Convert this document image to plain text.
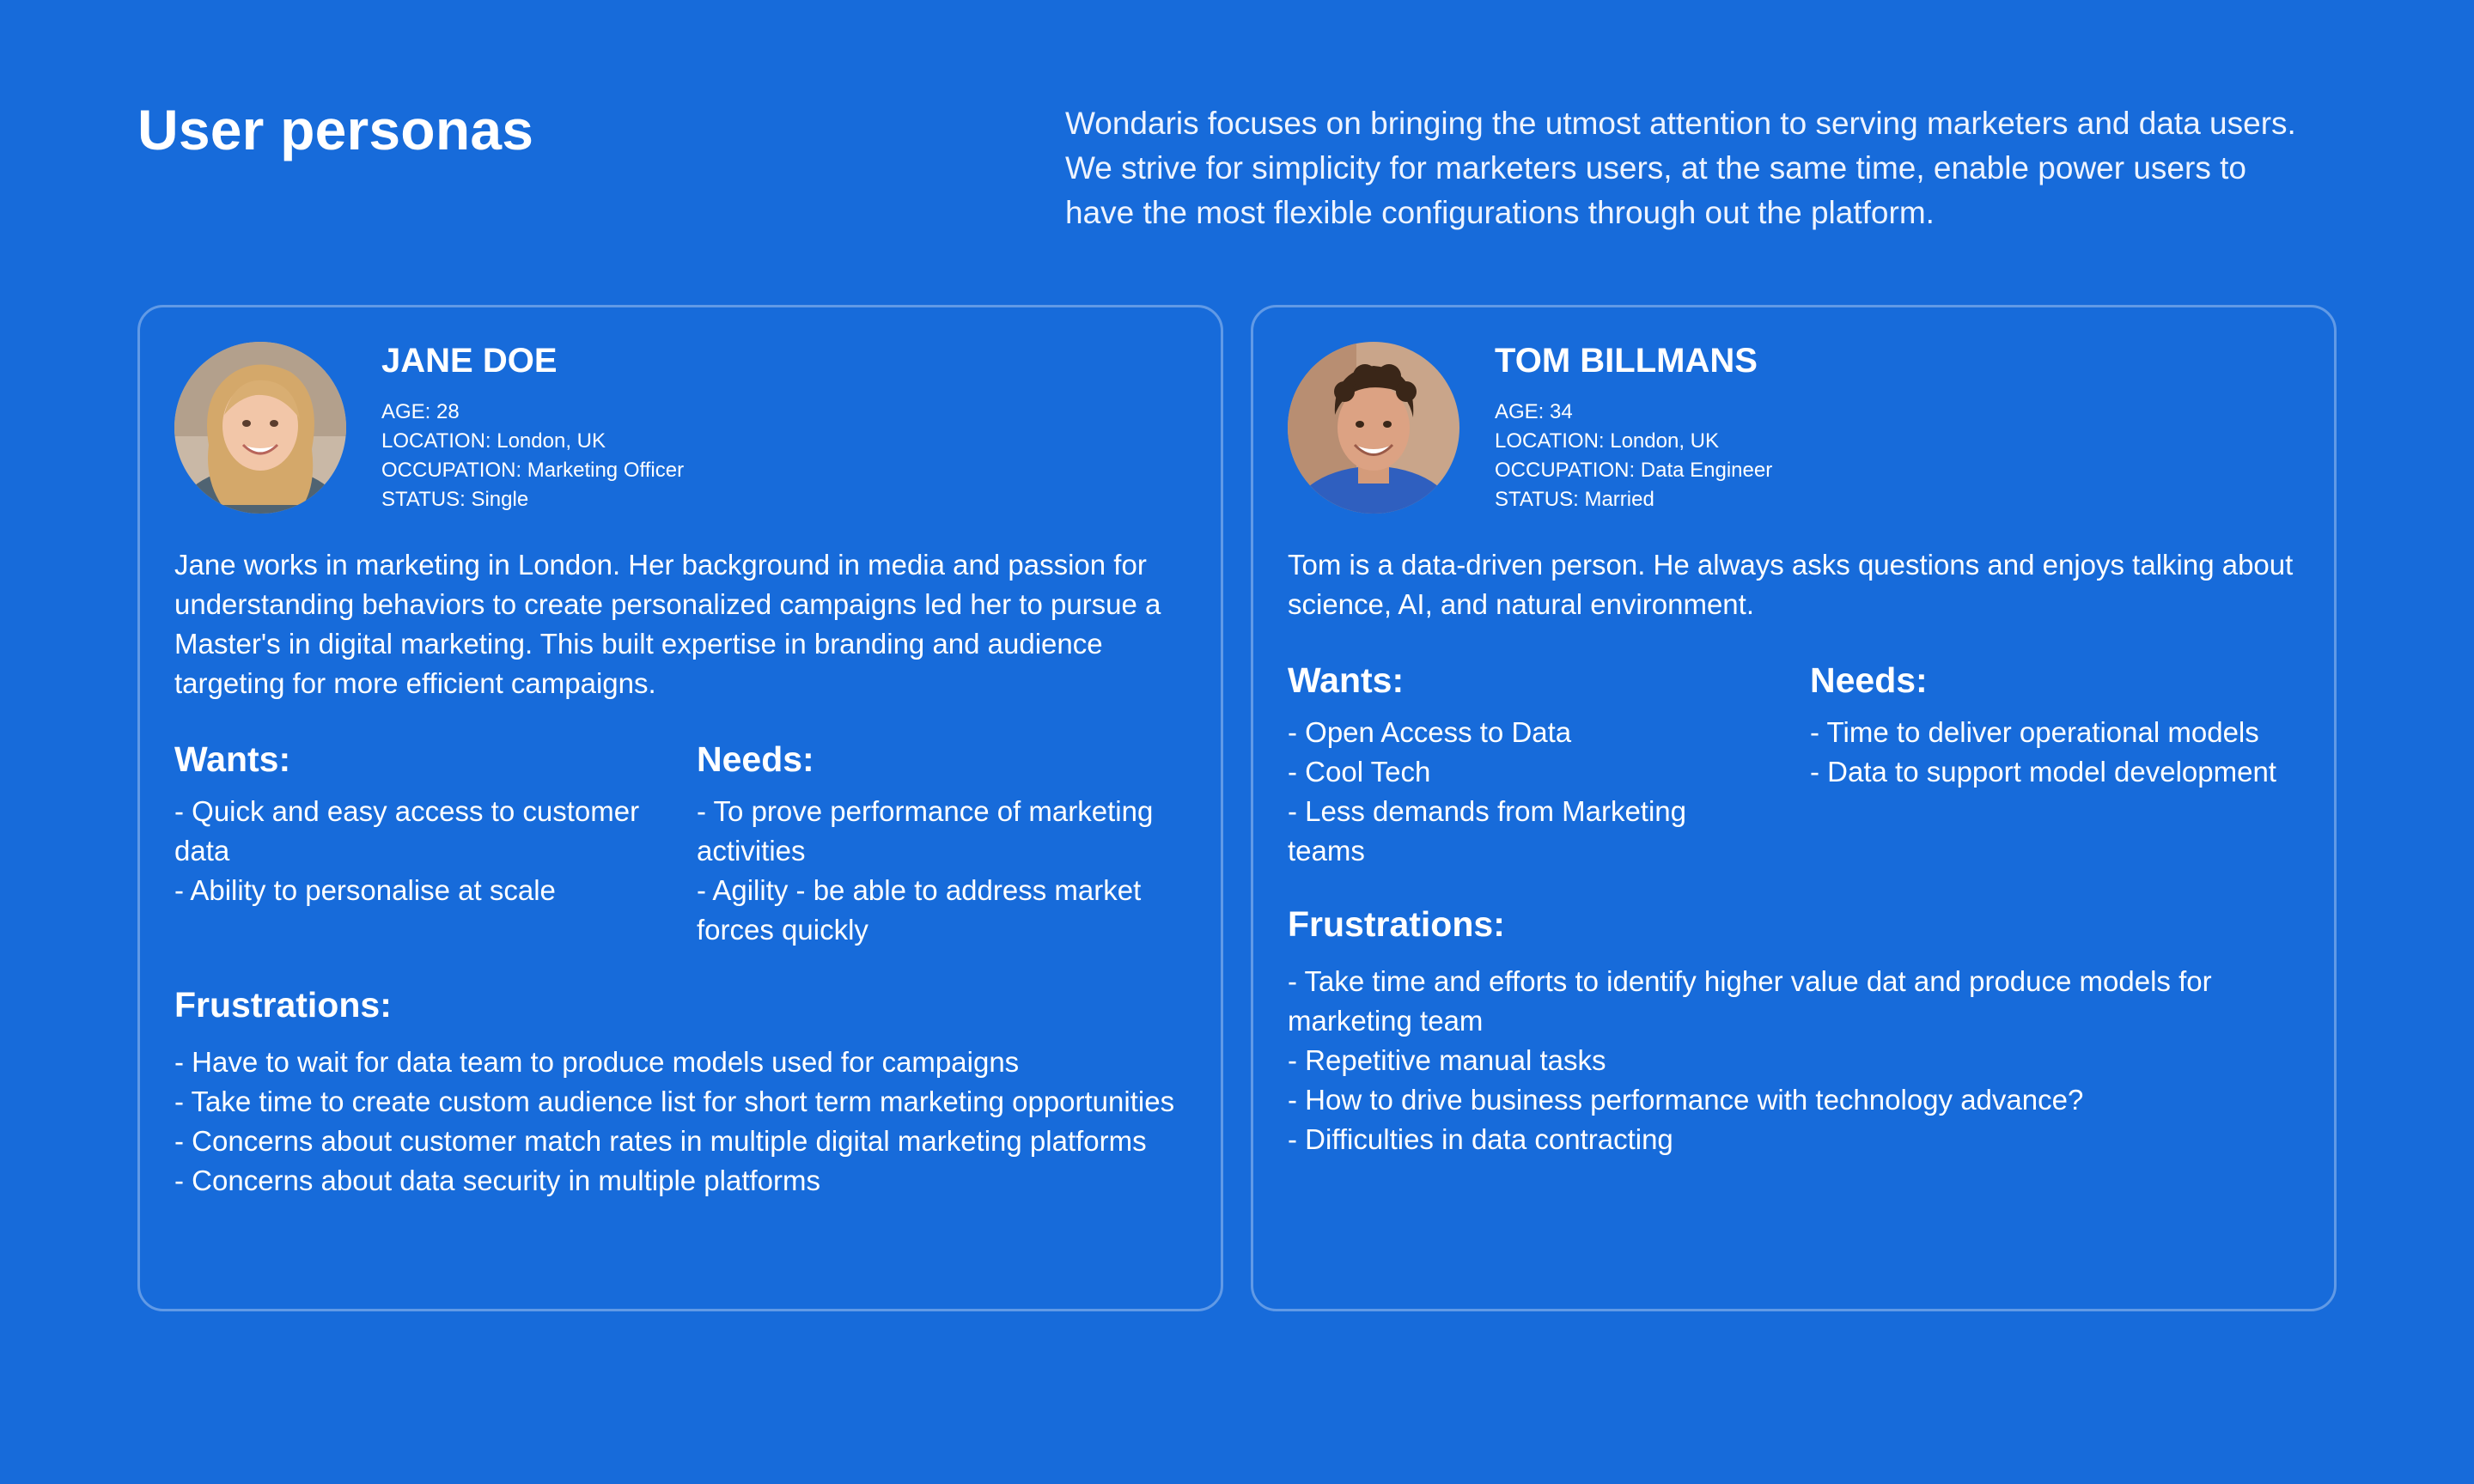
User personas	Wondaris focuses on bringing the utmost attention to serving marketers and data users. We strive for simplicity for marketers users, at the same time, enable power users to have the most flexible configurations through out the platform.

JANE DOE
AGE: 28
LOCATION: London, UK
OCCUPATION: Marketing Officer
STATUS: Single

Jane works in marketing in London. Her background in media and passion for understanding behaviors to create personalized campaigns led her to pursue a Master's in digital marketing. This built expertise in branding and audience targeting for more efficient campaigns.

Wants:
- Quick and easy access to customer data
- Ability to personalise at scale
Needs:
- To prove performance of marketing activities
- Agility - be able to address market forces quickly
Frustrations:
- Have to wait for data team to produce models used for campaigns
- Take time to create custom audience list for short term marketing opportunities
- Concerns about customer match rates in multiple digital marketing platforms
- Concerns about data security in multiple platforms
TOM BILLMANS
AGE: 34
LOCATION: London, UK
OCCUPATION: Data Engineer
STATUS: Married

Tom is a data-driven person. He always asks questions and enjoys talking about science, AI, and natural environment.

Wants:
- Open Access to Data
- Cool Tech
- Less demands from Marketing teams
Needs:
- Time to deliver operational models
- Data to support model development
Frustrations:
- Take time and efforts to identify higher value dat and produce models for marketing team
- Repetitive manual tasks
- How to drive business performance with technology advance?
- Difficulties in data contracting
